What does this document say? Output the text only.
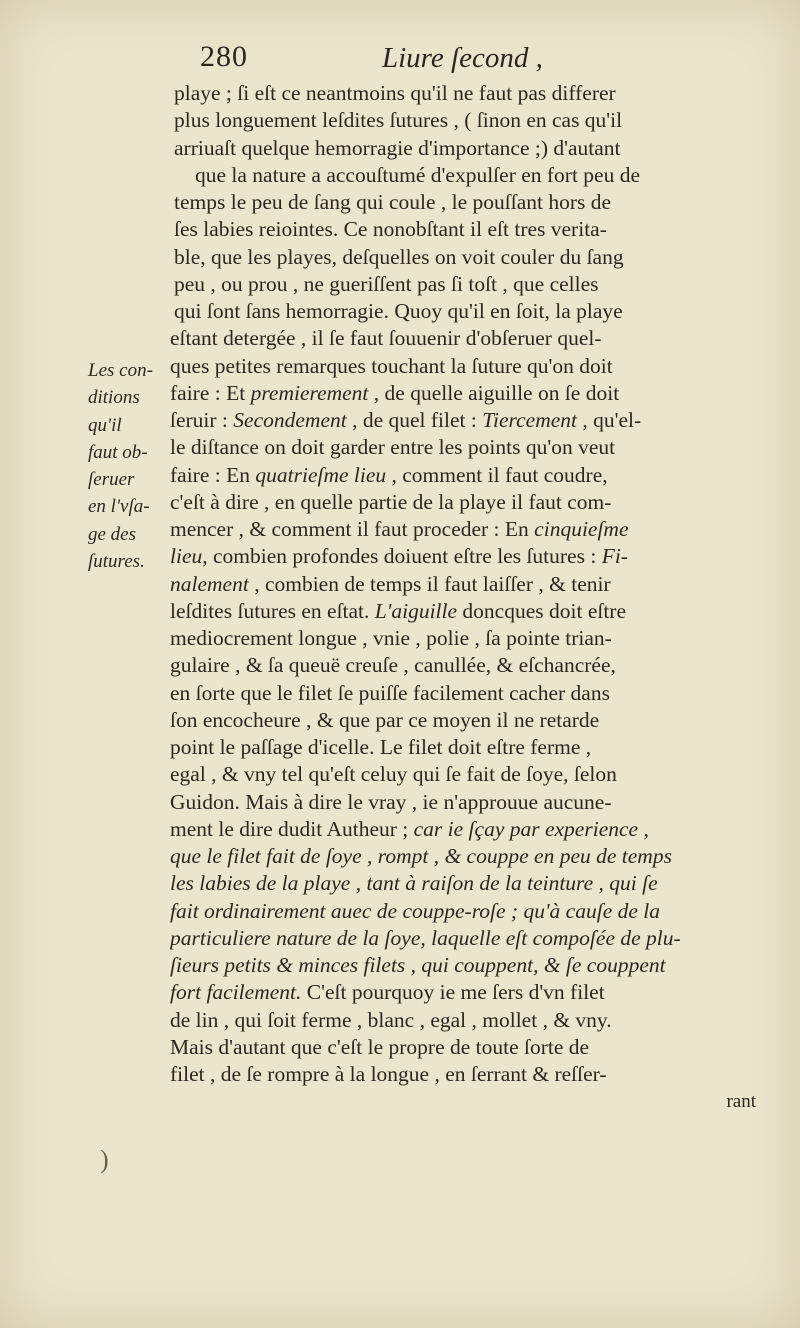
280	Liure ſecond ,
Les con-
ditions
qu'il
faut ob-
ſeruer
en l'vſa-
ge des
ſutures.
playe ; ſi eſt ce neantmoins qu'il ne faut pas differer
plus longuement leſdites ſutures , ( ſinon en cas qu'il
arriuaſt quelque hemorragie d'importance ;) d'autant
que la nature a accouſtumé d'expulſer en fort peu de
temps le peu de ſang qui coule , le pouſſant hors de
ſes labies reiointes. Ce nonobſtant il eſt tres verita-
ble, que les playes, deſquelles on voit couler du ſang
peu , ou prou , ne gueriſſent pas ſi toſt , que celles
qui ſont ſans hemorragie. Quoy qu'il en ſoit, la playe
eſtant detergée , il ſe faut ſouuenir d'obſeruer quel-
ques petites remarques touchant la ſuture qu'on doit
faire : Et premierement , de quelle aiguille on ſe doit
ſeruir : Secondement , de quel filet : Tiercement , qu'el-
le diſtance on doit garder entre les points qu'on veut
faire : En quatrieſme lieu , comment il faut coudre,
c'eſt à dire , en quelle partie de la playe il faut com-
mencer , & comment il faut proceder : En cinquieſme
lieu, combien profondes doiuent eſtre les ſutures : Fi-
nalement , combien de temps il faut laiſſer , & tenir
leſdites ſutures en eſtat. L'aiguille doncques doit eſtre
mediocrement longue , vnie , polie , ſa pointe trian-
gulaire , & ſa queuë creuſe , canullée, & eſchancrée,
en ſorte que le filet ſe puiſſe facilement cacher dans
ſon encocheure , & que par ce moyen il ne retarde
point le paſſage d'icelle. Le filet doit eſtre ferme ,
egal , & vny tel qu'eſt celuy qui ſe fait de ſoye, ſelon
Guidon. Mais à dire le vray , ie n'approuue aucune-
ment le dire dudit Autheur ; car ie ſçay par experience ,
que le filet fait de ſoye , rompt , & couppe en peu de temps
les labies de la playe , tant à raiſon de la teinture , qui ſe
fait ordinairement auec de couppe-roſe ; qu'à cauſe de la
particuliere nature de la ſoye, laquelle eſt compoſée de plu-
ſieurs petits & minces filets , qui couppent, & ſe couppent
fort facilement. C'eſt pourquoy ie me ſers d'vn filet
de lin , qui ſoit ferme , blanc , egal , mollet , & vny.
Mais d'autant que c'eſt le propre de toute ſorte de
filet , de ſe rompre à la longue , en ſerrant & reſſer-
rant
)
